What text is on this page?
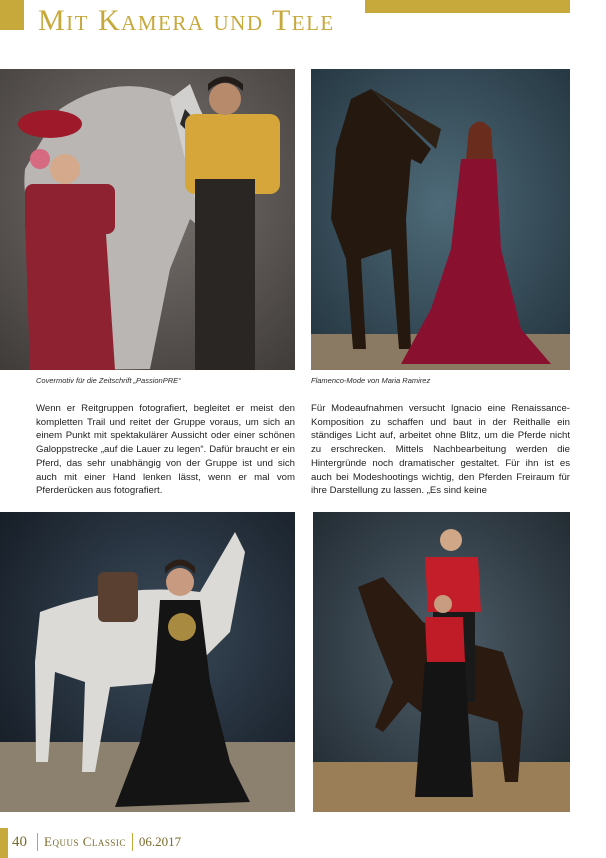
Mit Kamera und Tele

Covermotiv für die Zeitschrift „PassionPRE“	Flamenco-Mode von Maria Ramirez

Wenn er Reitgruppen fotografiert, begleitet er meist den kompletten Trail und reitet der Gruppe voraus, um sich an einem Punkt mit spektakulärer Aussicht oder einer schönen Galoppstrecke „auf die Lauer zu legen“. Dafür braucht er ein Pferd, das sehr unabhängig von der Gruppe ist und sich auch mit einer Hand lenken lässt, wenn er mal vom Pferderücken aus fotografiert.

Für Modeaufnahmen versucht Ignacio eine Renaissance-Komposition zu schaffen und baut in der Reithalle ein ständiges Licht auf, arbeitet ohne Blitz, um die Pferde nicht zu erschrecken. Mittels Nachbearbeitung werden die Hintergründe noch dramatischer gestaltet. Für ihn ist es auch bei Modeshootings wichtig, den Pferden Freiraum für ihre Darstellung zu lassen. „Es sind keine

40 Equus Classic 06.2017
